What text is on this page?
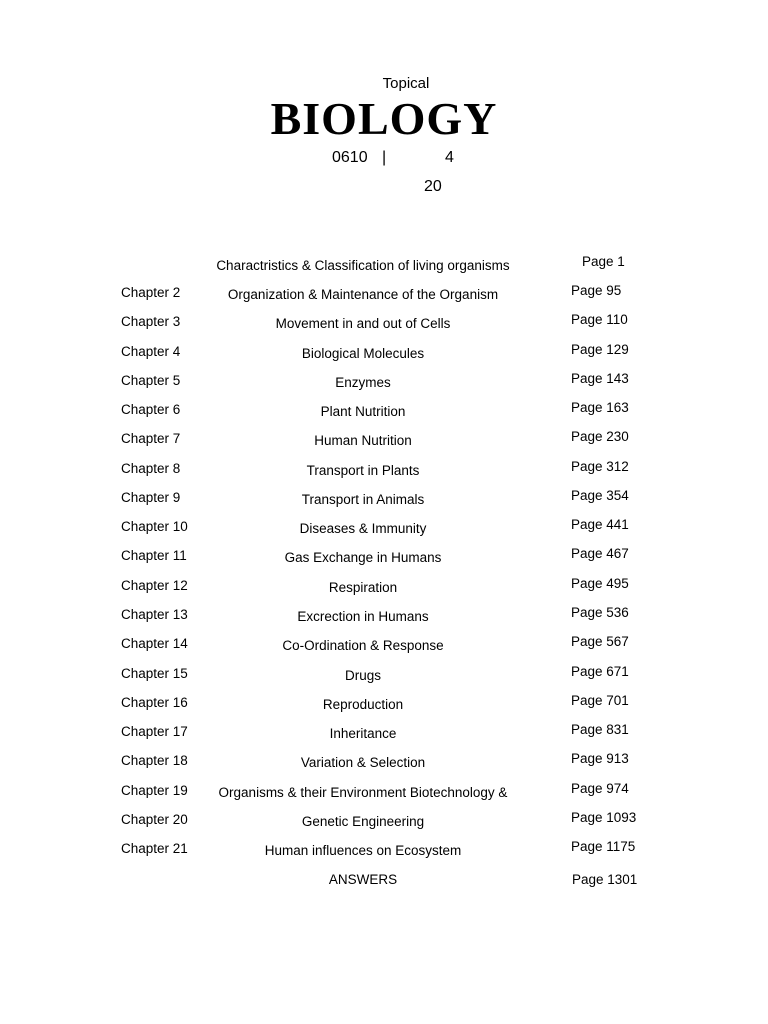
Topical
BIOLOGY
0610 |	4
20
Charactristics & Classification of living organisms	Page 1
Chapter 2	Organization & Maintenance of the Organism	Page 95
Chapter 3	Movement in and out of Cells	Page 110
Chapter 4	Biological Molecules	Page 129
Chapter 5	Enzymes	Page 143
Chapter 6	Plant Nutrition	Page 163
Chapter 7	Human Nutrition	Page 230
Chapter 8	Transport in Plants	Page 312
Chapter 9	Transport in Animals	Page 354
Chapter 10	Diseases & Immunity	Page 441
Chapter 11	Gas Exchange in Humans	Page 467
Chapter 12	Respiration	Page 495
Chapter 13	Excrection in Humans	Page 536
Chapter 14	Co-Ordination & Response	Page 567
Chapter 15	Drugs	Page 671
Chapter 16	Reproduction	Page 701
Chapter 17	Inheritance	Page 831
Chapter 18	Variation & Selection	Page 913
Chapter 19	Organisms & their Environment Biotechnology &	Page 974
Chapter 20	Genetic Engineering	Page 1093
Chapter 21	Human influences on Ecosystem	Page 1175
ANSWERS	Page 1301
